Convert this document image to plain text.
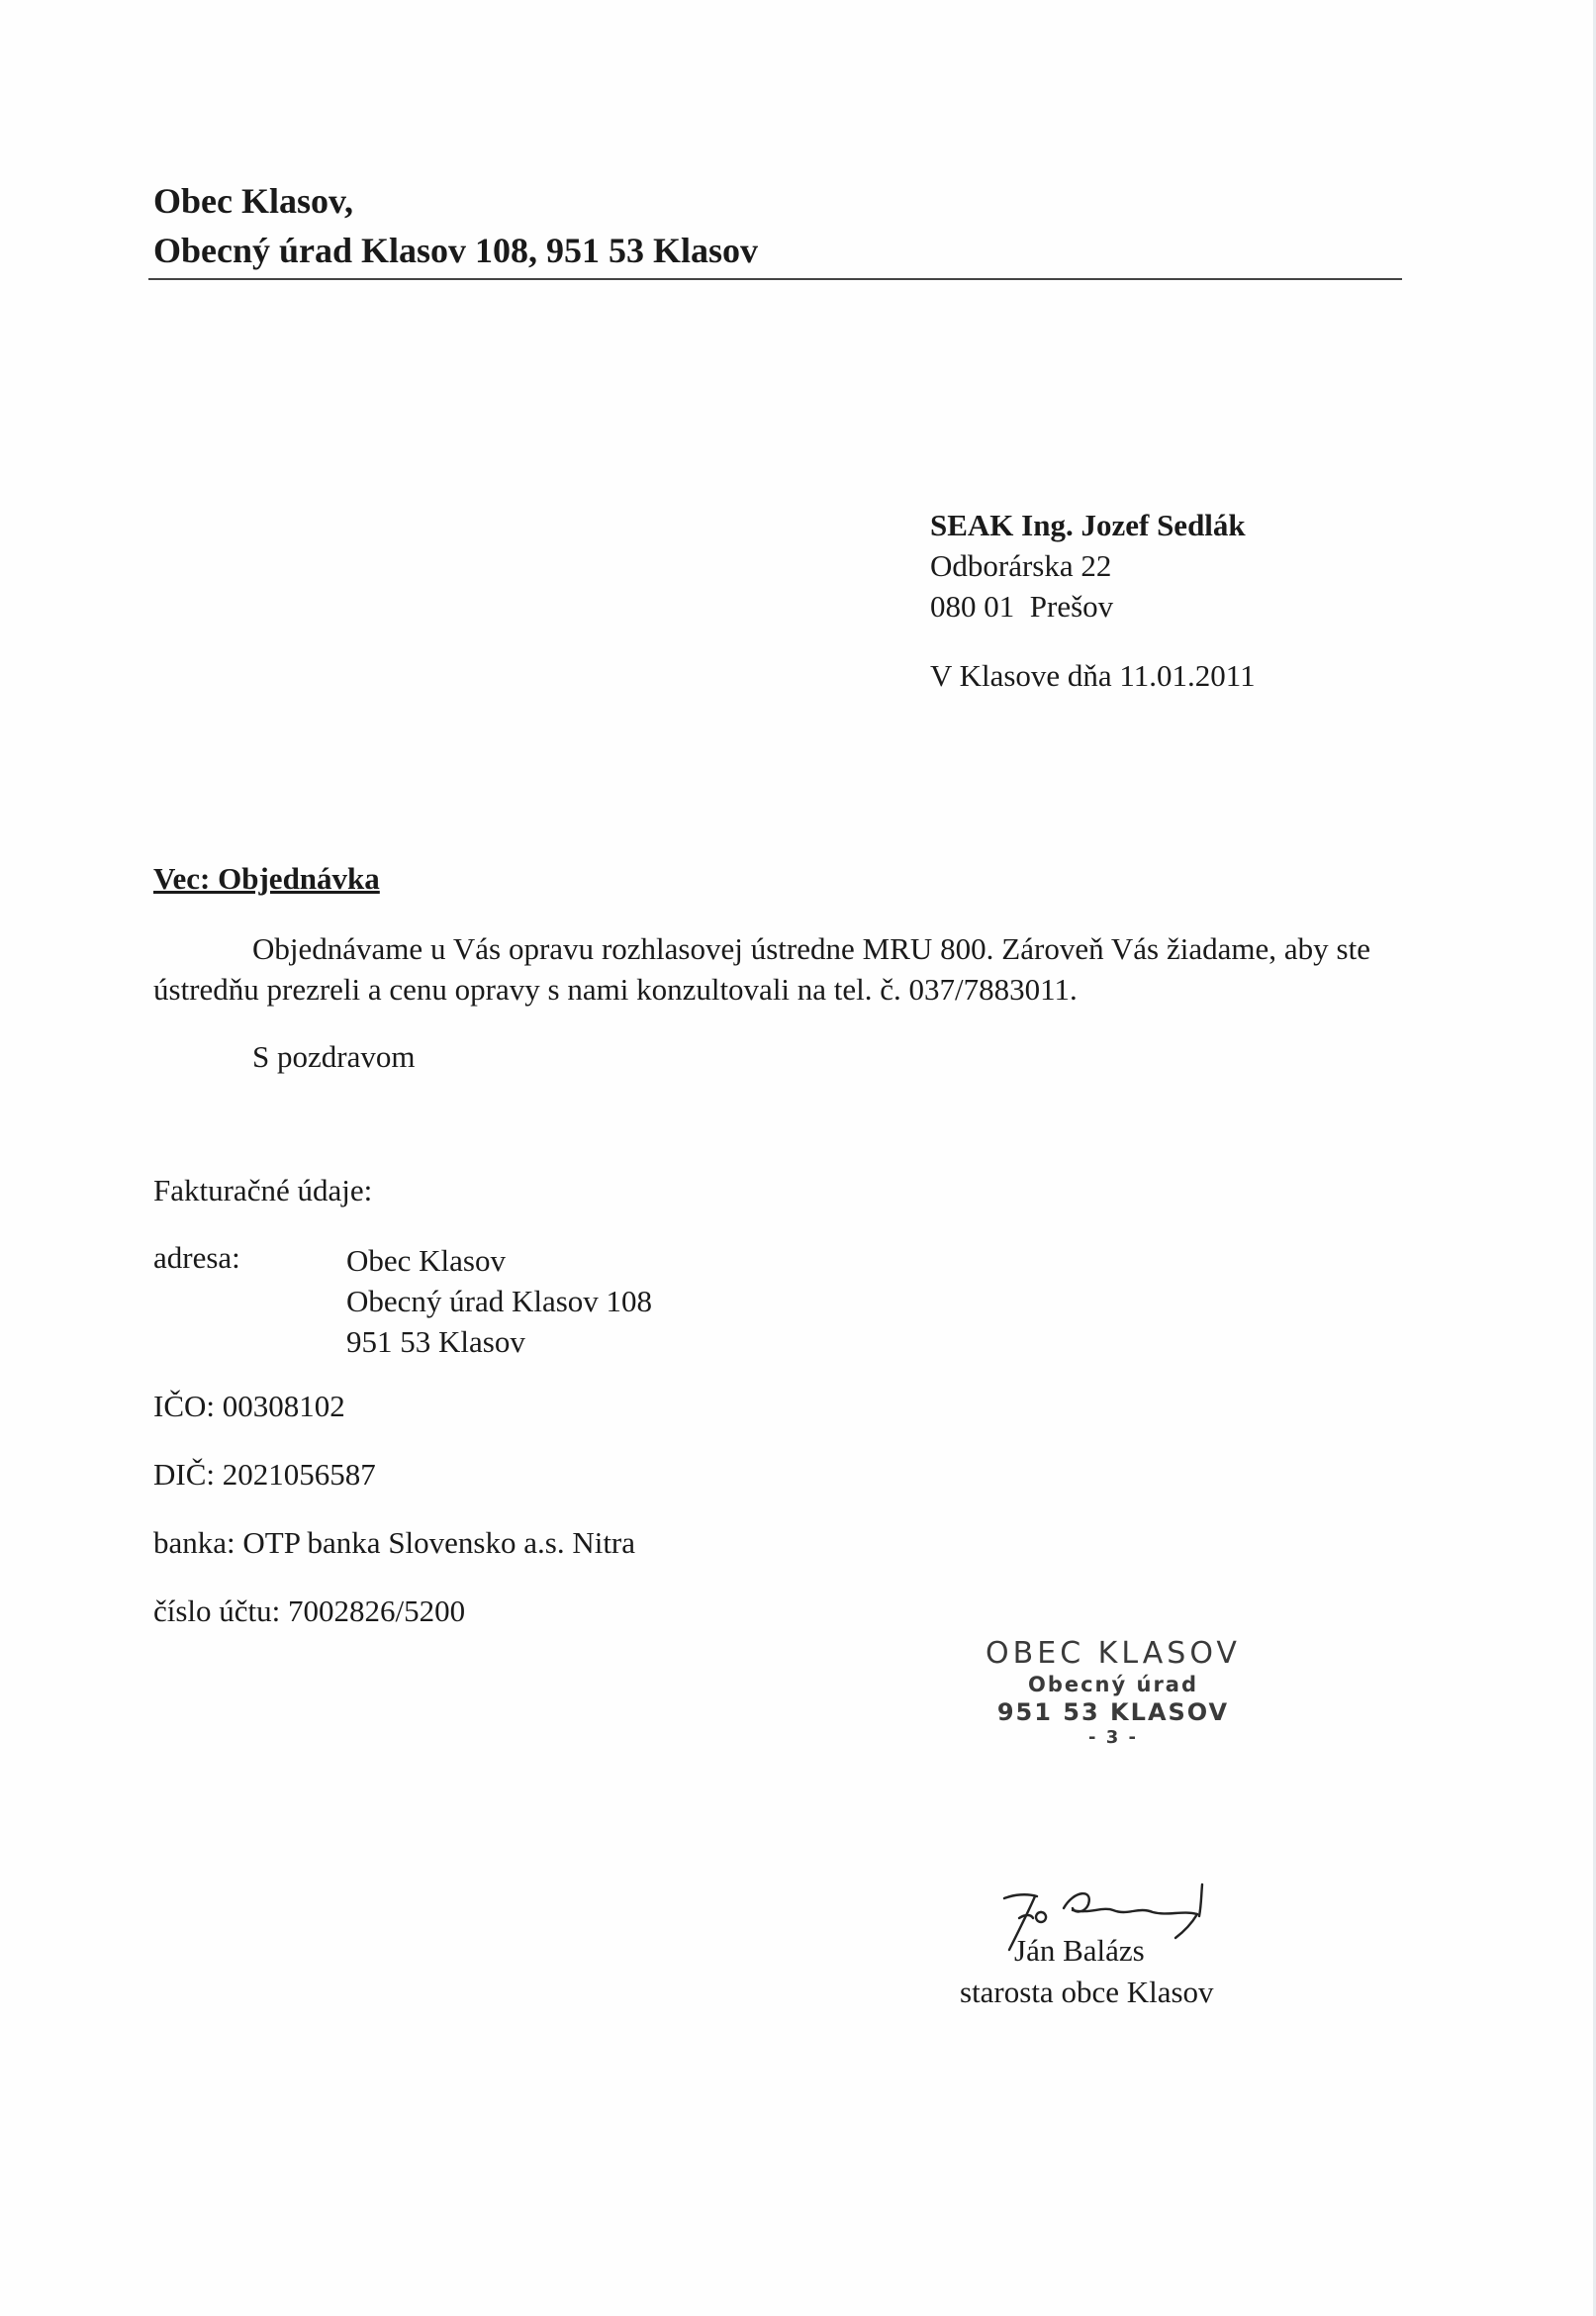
Obec Klasov,
Obecný úrad Klasov 108, 951 53 Klasov
SEAK Ing. Jozef Sedlák
Odborárska 22
080 01  Prešov
V Klasove dňa 11.01.2011
Vec: Objednávka
Objednávame u Vás opravu rozhlasovej ústredne MRU 800. Zároveň Vás žiadame, aby ste ústredňu prezreli a cenu opravy s nami konzultovali na tel. č. 037/7883011.
S pozdravom
Fakturačné údaje:
adresa:	Obec Klasov
Obecný úrad Klasov 108
951 53 Klasov
IČO: 00308102
DIČ: 2021056587
banka: OTP banka Slovensko a.s. Nitra
číslo účtu: 7002826/5200
OBEC KLASOV
Obecný úrad
951 53 KLASOV
- 3 -
Ján Balázs
starosta obce Klasov
